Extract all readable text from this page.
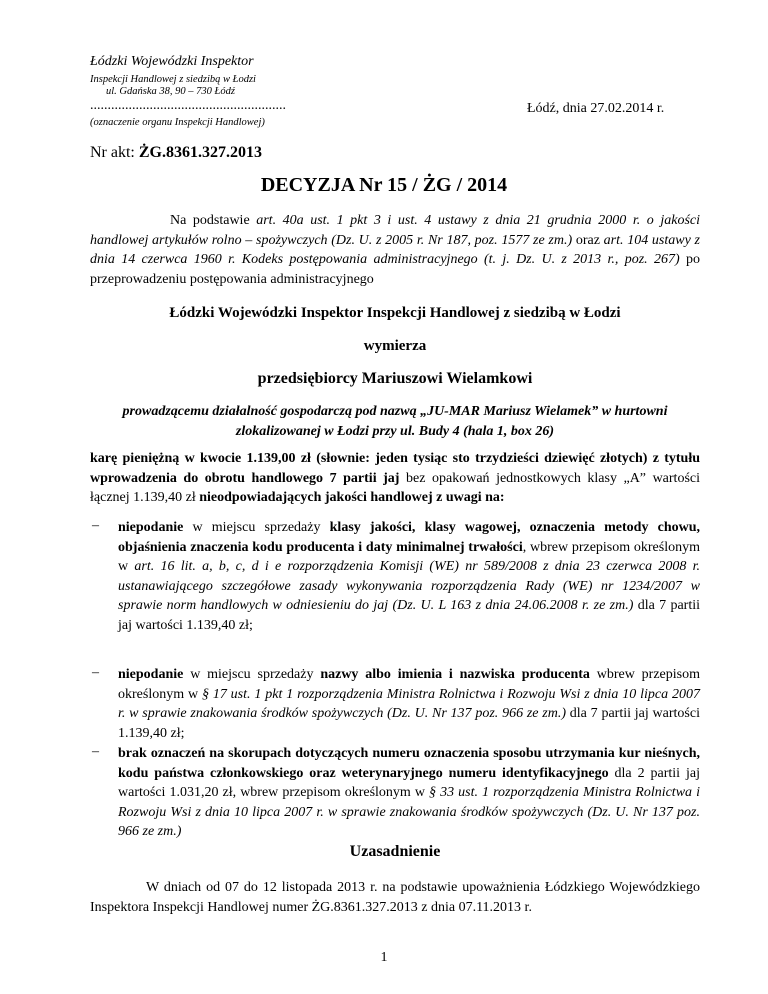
Łódzki Wojewódzki Inspektor
Inspekcji Handlowej z siedzibą w Łodzi
ul. Gdańska 38, 90 – 730 Łódź
........................................................
(oznaczenie organu Inspekcji Handlowej)
Łódź, dnia 27.02.2014 r.
Nr akt: ŻG.8361.327.2013
DECYZJA Nr 15 / ŻG / 2014
Na podstawie art. 40a ust. 1 pkt 3 i ust. 4 ustawy z dnia 21 grudnia 2000 r. o jakości handlowej artykułów rolno – spożywczych (Dz. U. z 2005 r. Nr 187, poz. 1577 ze zm.) oraz art. 104 ustawy z dnia 14 czerwca 1960 r. Kodeks postępowania administracyjnego (t. j. Dz. U. z 2013 r., poz. 267) po przeprowadzeniu postępowania administracyjnego
Łódzki Wojewódzki Inspektor Inspekcji Handlowej z siedzibą w Łodzi
wymierza
przedsiębiorcy Mariuszowi Wielamkowi
prowadzącemu działalność gospodarczą pod nazwą „JU-MAR Mariusz Wielamek” w hurtowni zlokalizowanej w Łodzi przy ul. Budy 4 (hala 1, box 26)
karę pieniężną w kwocie 1.139,00 zł (słownie: jeden tysiąc sto trzydzieści dziewięć złotych) z tytułu wprowadzenia do obrotu handlowego 7 partii jaj bez opakowań jednostkowych klasy „A” wartości łącznej 1.139,40 zł nieodpowiadających jakości handlowej z uwagi na:
– niepodanie w miejscu sprzedaży klasy jakości, klasy wagowej, oznaczenia metody chowu, objaśnienia znaczenia kodu producenta i daty minimalnej trwałości, wbrew przepisom określonym w art. 16 lit. a, b, c, d i e rozporządzenia Komisji (WE) nr 589/2008 z dnia 23 czerwca 2008 r. ustanawiającego szczegółowe zasady wykonywania rozporządzenia Rady (WE) nr 1234/2007 w sprawie norm handlowych w odniesieniu do jaj (Dz. U. L 163 z dnia 24.06.2008 r. ze zm.) dla 7 partii jaj wartości 1.139,40 zł;
– niepodanie w miejscu sprzedaży nazwy albo imienia i nazwiska producenta wbrew przepisom określonym w § 17 ust. 1 pkt 1 rozporządzenia Ministra Rolnictwa i Rozwoju Wsi z dnia 10 lipca 2007 r. w sprawie znakowania środków spożywczych (Dz. U. Nr 137 poz. 966 ze zm.) dla 7 partii jaj wartości 1.139,40 zł;
– brak oznaczeń na skorupach dotyczących numeru oznaczenia sposobu utrzymania kur nieśnych, kodu państwa członkowskiego oraz weterynaryjnego numeru identyfikacyjnego dla 2 partii jaj wartości 1.031,20 zł, wbrew przepisom określonym w § 33 ust. 1 rozporządzenia Ministra Rolnictwa i Rozwoju Wsi z dnia 10 lipca 2007 r. w sprawie znakowania środków spożywczych (Dz. U. Nr 137 poz. 966 ze zm.)
Uzasadnienie
W dniach od 07 do 12 listopada 2013 r. na podstawie upoważnienia Łódzkiego Wojewódzkiego Inspektora Inspekcji Handlowej numer ŻG.8361.327.2013 z dnia 07.11.2013 r.
1
